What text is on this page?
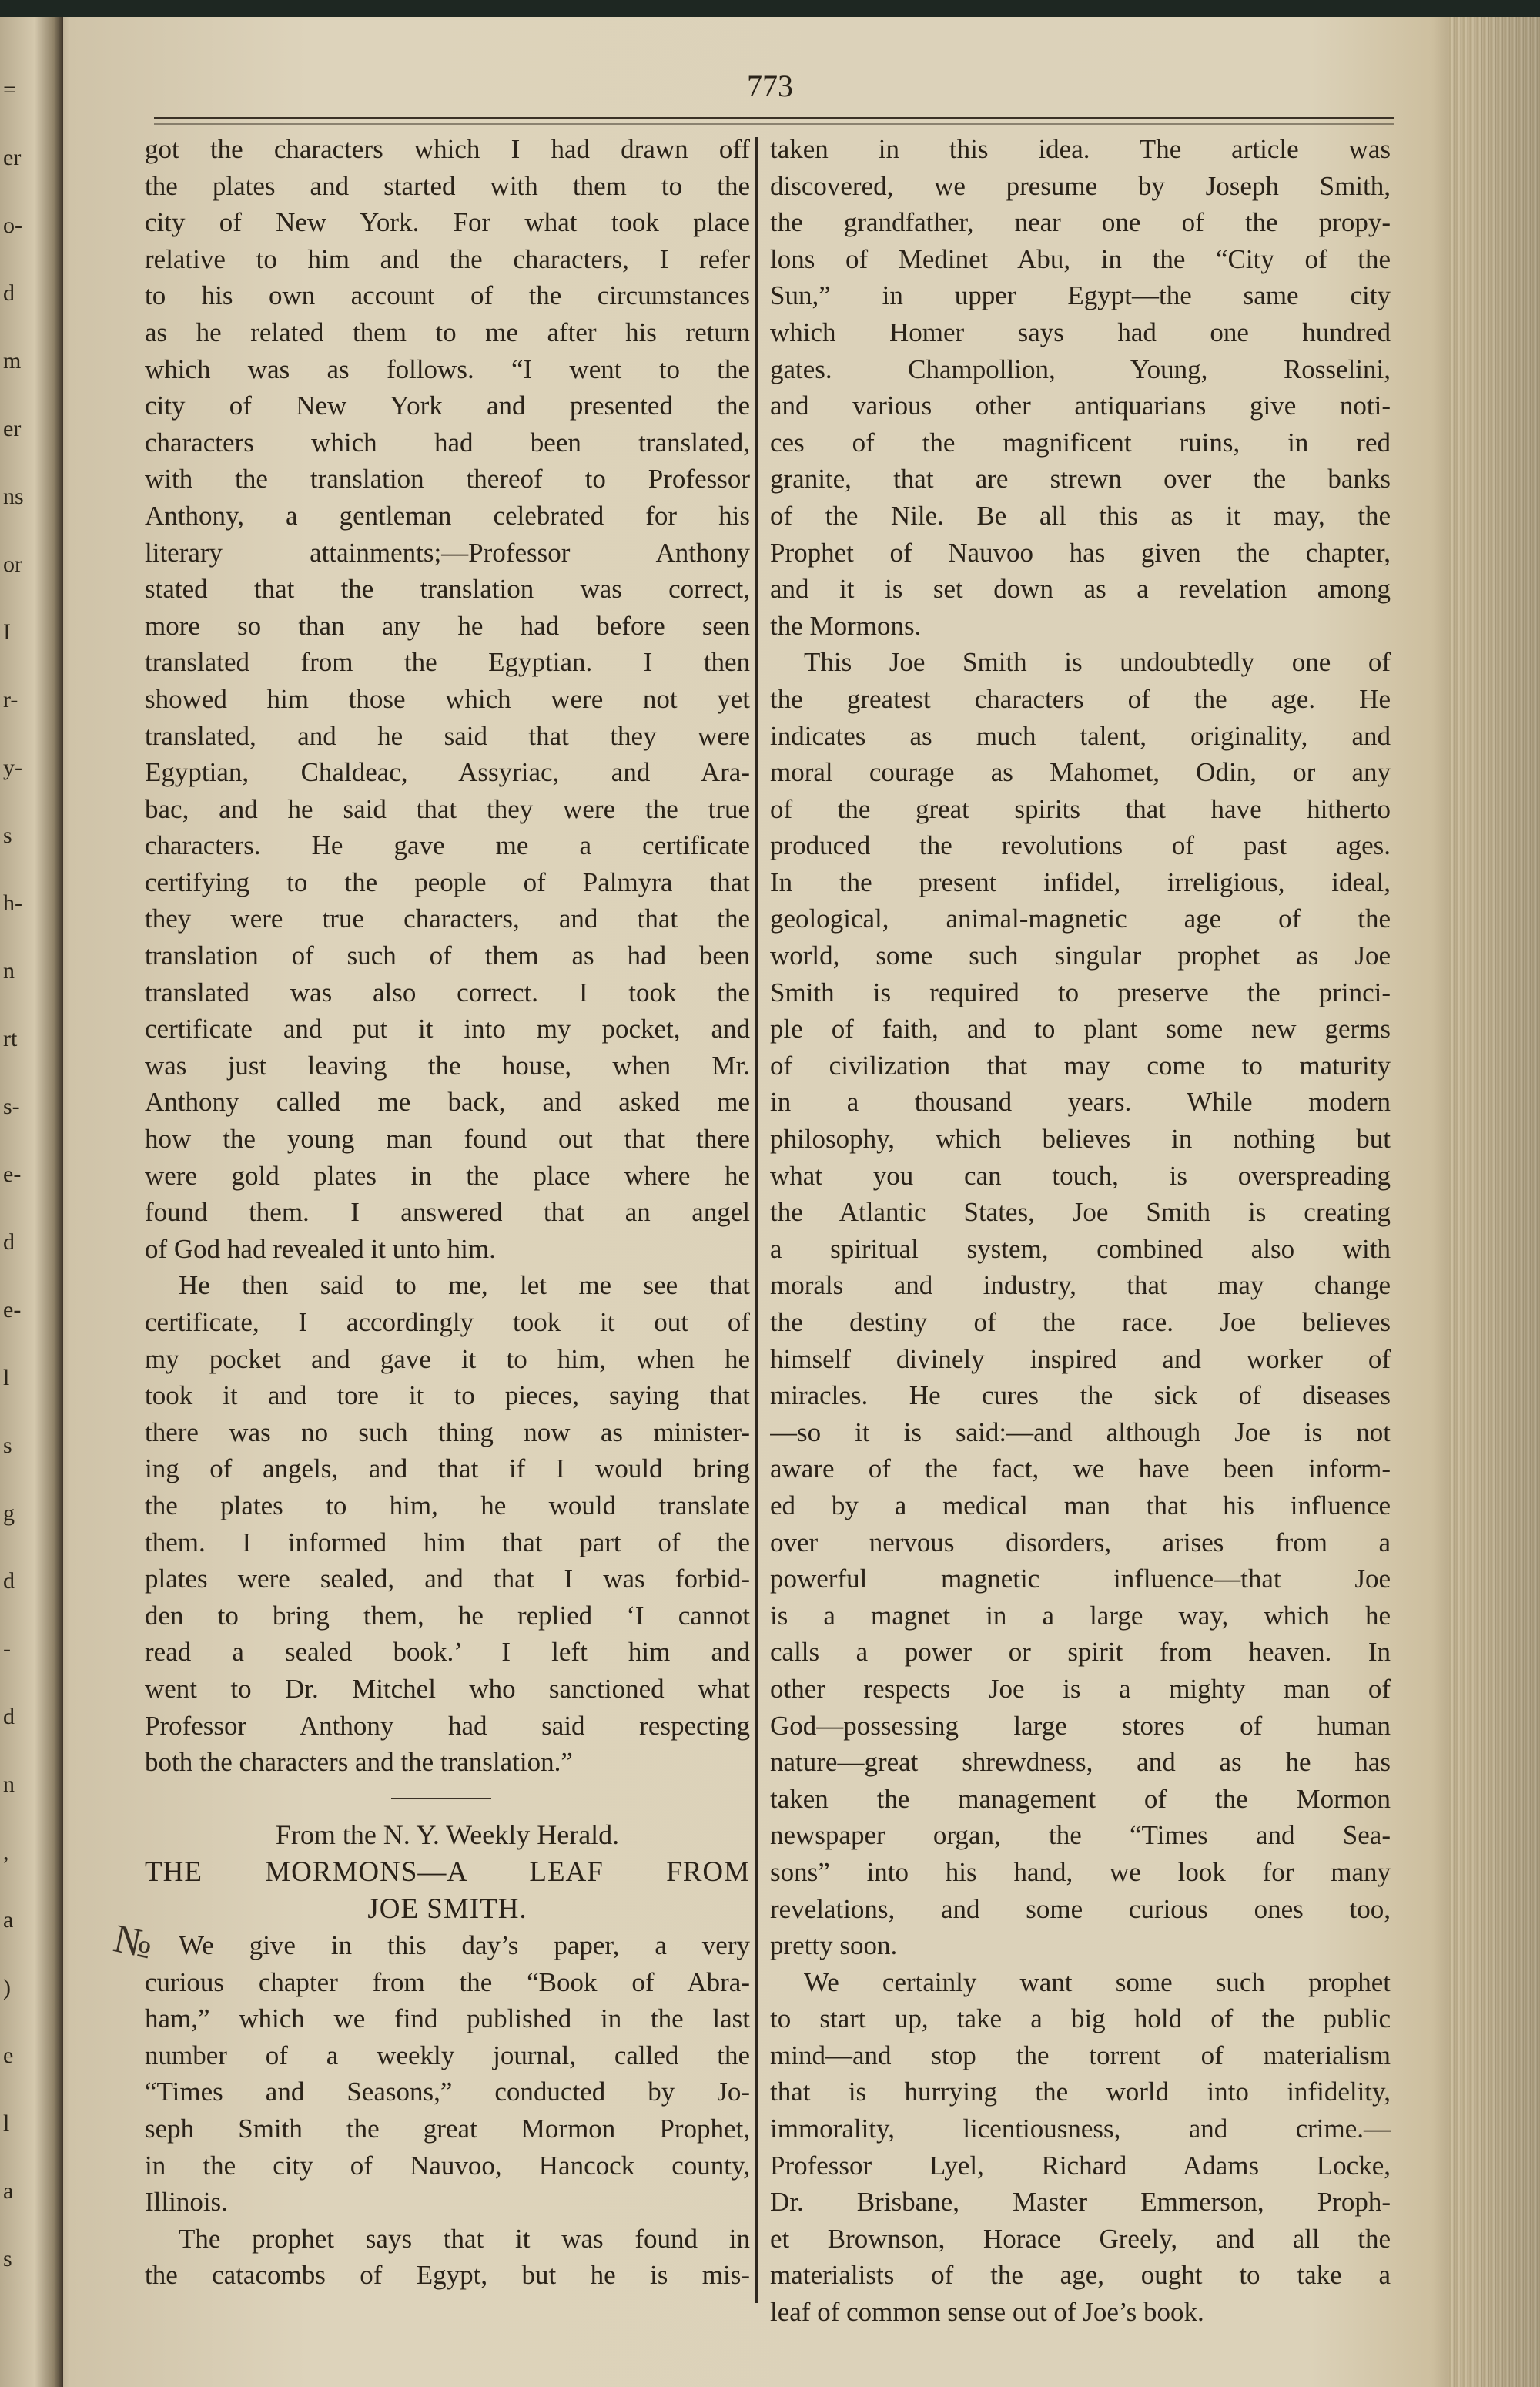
=
er
o-
d
m
er
ns
or
I
r-
y-
s
h-
n
rt
s-
e-
d
e-
l
s
g
d
-
d
n
,
a
)
e
l
a
s
773
got the characters which I had drawn off
the plates and started with them to the
city of New York. For what took place
relative to him and the characters, I refer
to his own account of the circumstances
as he related them to me after his return
which was as follows. “I went to the
city of New York and presented the
characters which had been translated,
with the translation thereof to Professor
Anthony, a gentleman celebrated for his
literary attainments;—Professor Anthony
stated that the translation was correct,
more so than any he had before seen
translated from the Egyptian. I then
showed him those which were not yet
translated, and he said that they were
Egyptian, Chaldeac, Assyriac, and Ara-
bac, and he said that they were the true
characters. He gave me a certificate
certifying to the people of Palmyra that
they were true characters, and that the
translation of such of them as had been
translated was also correct. I took the
certificate and put it into my pocket, and
was just leaving the house, when Mr.
Anthony called me back, and asked me
how the young man found out that there
were gold plates in the place where he
found them. I answered that an angel
of God had revealed it unto him.
He then said to me, let me see that
certificate, I accordingly took it out of
my pocket and gave it to him, when he
took it and tore it to pieces, saying that
there was no such thing now as minister-
ing of angels, and that if I would bring
the plates to him, he would translate
them. I informed him that part of the
plates were sealed, and that I was forbid-
den to bring them, he replied ‘I cannot
read a sealed book.’ I left him and
went to Dr. Mitchel who sanctioned what
Professor Anthony had said respecting
both the characters and the translation.”
From the N. Y. Weekly Herald.
THE MORMONS—A LEAF FROM
JOE SMITH.
We give in this day’s paper, a very
curious chapter from the “Book of Abra-
ham,” which we find published in the last
number of a weekly journal, called the
“Times and Seasons,” conducted by Jo-
seph Smith the great Mormon Prophet,
in the city of Nauvoo, Hancock county,
Illinois.
The prophet says that it was found in
the catacombs of Egypt, but he is mis-
taken in this idea. The article was
discovered, we presume by Joseph Smith,
the grandfather, near one of the propy-
lons of Medinet Abu, in the “City of the
Sun,” in upper Egypt—the same city
which Homer says had one hundred
gates. Champollion, Young, Rosselini,
and various other antiquarians give noti-
ces of the magnificent ruins, in red
granite, that are strewn over the banks
of the Nile. Be all this as it may, the
Prophet of Nauvoo has given the chapter,
and it is set down as a revelation among
the Mormons.
This Joe Smith is undoubtedly one of
the greatest characters of the age. He
indicates as much talent, originality, and
moral courage as Mahomet, Odin, or any
of the great spirits that have hitherto
produced the revolutions of past ages.
In the present infidel, irreligious, ideal,
geological, animal-magnetic age of the
world, some such singular prophet as Joe
Smith is required to preserve the princi-
ple of faith, and to plant some new germs
of civilization that may come to maturity
in a thousand years. While modern
philosophy, which believes in nothing but
what you can touch, is overspreading
the Atlantic States, Joe Smith is creating
a spiritual system, combined also with
morals and industry, that may change
the destiny of the race. Joe believes
himself divinely inspired and worker of
miracles. He cures the sick of diseases
—so it is said:—and although Joe is not
aware of the fact, we have been inform-
ed by a medical man that his influence
over nervous disorders, arises from a
powerful magnetic influence—that Joe
is a magnet in a large way, which he
calls a power or spirit from heaven. In
other respects Joe is a mighty man of
God—possessing large stores of human
nature—great shrewdness, and as he has
taken the management of the Mormon
newspaper organ, the “Times and Sea-
sons” into his hand, we look for many
revelations, and some curious ones too,
pretty soon.
We certainly want some such prophet
to start up, take a big hold of the public
mind—and stop the torrent of materialism
that is hurrying the world into infidelity,
immorality, licentiousness, and crime.—
Professor Lyel, Richard Adams Locke,
Dr. Brisbane, Master Emmerson, Proph-
et Brownson, Horace Greely, and all the
materialists of the age, ought to take a
leaf of common sense out of Joe’s book.
№
